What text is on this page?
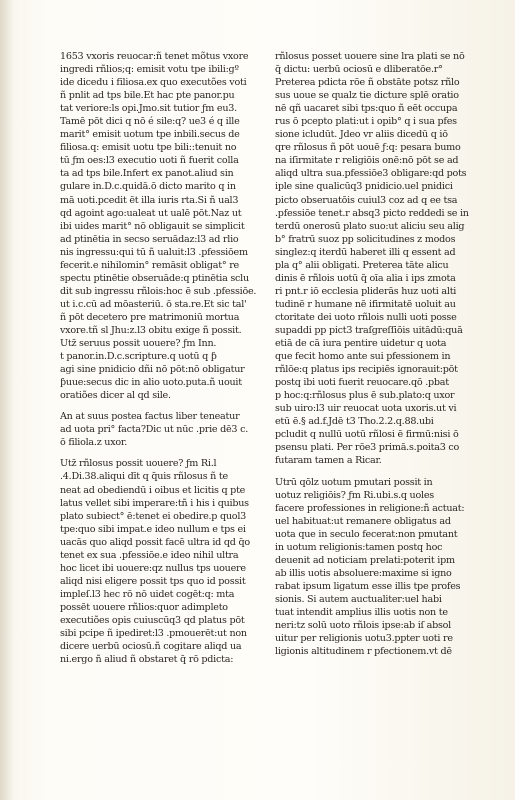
1653 vxoris reuocar:ñ tenet mõtus vxore
ingredi rñlios;q: emisit votu tpe ibili:gº
ide dicedu i filiosa.ex quo executões voti
ñ pnlit ad tps bile.Et hac pte panor.pu
tat veriore:ls opi.Jmo.sit tutior ƒm eu3.
Tamē pōt dici q nō é sile:q? ue3 é q ille
marit° emisit uotum tpe inbili.secus de
filiosa.q: emisit uotu tpe bili::tenuit no
tū ƒm oes:l3 executio uoti ñ fuerit colla
ta ad tps bile.Infert ex panot.aliud sin
gulare in.D.c.quidā.ō dicto marito q in
mā uoti.pcedit ēt illa iuris rta.Si ñ ual3
qd agoint ago:ualeat ut ualē pōt.Naz ut
ibi uides marit° nō obligauit se simplicit
ad ptinētia in secso seruādaz:l3 ad rlio
nis ingressu:qui tū ñ ualuit:l3 .pfessiōem
fecerit.e nihilomin° remāsit obligat° re
spectu ptinētie obseruāde:q ptinētia sclu
dit sub ingressu rñlois:hoc ē sub .pfessiōe.
ut i.c.cū ad mōasteriū. ō sta.re.Et sic tal'
ñ pōt decetero pre matrimoniū mortua
vxore.tñ sl Jhu:z.l3 obitu exige ñ possit.
Utz̄ seruus possit uouere? ƒm Inn.
t panor.in.D.c.scripture.q uotū q ƥ
agi sine pnidicio dñi nō pōt:nō obligatur
ƥuue:secus dic in alio uoto.puta.ñ uouit
oratiões dicer al qd sile.
An at suus postea factus liber teneatur
ad uota pri° facta?Dic ut nūc .prie dē3 c.
ō filiola.z uxor.
Utz̄ rñlosus possit uouere? ƒm Ri.l
.4.Di.38.aliqui dīt q q̄uis rñlosus ñ te
neat ad obediendū i oibus et licitis q pte
latus vellet sibi imperare:tñ i his i quibus
plato subiect° ē:tenet ei obedire.p quol3
tpe:quo sibi impat.e ideo nullum e tps ei
uacās quo aliqd possit facē ultra id qd q̄o
tenet ex sua .pfessiōe.e ideo nihil ultra
hoc licet ibi uouere:qz nullus tps uouere
aliqd nisi eligere possit tps quo id possit
impleſ.l3 hec rō nō uidet cogēt:q: mta
possēt uouere rñlios:quor adimpleto
executiões opis cuiuscūq3 qd platus pōt
sibi pcipe ñ ipediret:l3 .pmouerēt:ut non
dicere uerbū ociosū.ñ cogitare aliqd ua
ni.ergo ñ aliud ñ obstaret q̄ rō pdicta:
rñlosus posset uouere sine lra plati se nō
q̄ dictu: uerbū ociosū e dliberatōe.r°
Preterea pdicta rōe ñ obstāte potsz rñlo
sus uoue se qualz tie dicture splē oratio
nē qñ uacaret sibi tps:quo ñ eēt occupa
rus ō pcepto plati:ut i opib° q i sua pfes
sione icludūt. Jdeo vr aliis dicedū q iō
qre rñlosus ñ pōt uouē ƒ:q: pesara bumo
na iſirmitate r religiōis onē:nō pōt se ad
aliqd ultra sua.pfessiōe3 obligare:qd pots
iple sine qualicūq3 pnidicio.uel pnidici
picto obseruatōis cuiul3 coz ad q ee tsa
.pfessiōe tenet.r absq3 picto reddedi se in
terdū onerosū plato suo:ut aliciu seu alig
b° fratrū suoz pp solicitudines z modos
singlez:q iterdū haberet illi q essent ad
pla q° alii obligati. Preterea tāte alicu
dinis ē rñlois uotū q̄ oīa alia i ips zmota
ri pnt.r iō ecclesia pliderās huz uoti alti
tudinē r humane nē ifirmitatē uoluit au
ctoritate dei uoto rñlois nulli uoti posse
supaddi pp pict3 traſgreſſiōis uitādū:quā
etiā de cā iura pentire uidetur q uota
que fecit homo ante sui pfessionem in
rñlōe:q platus ips recipiēs ignorauit:pōt
postq ibi uoti fuerit reuocare.qō .pbat
p hoc:q:rñlosus plus ē sub.plato:q uxor
sub uiro:l3 uir reuocat uota uxoris.ut vi
etū ē.§ ad.f.Jdē t3 Tho.2.2.q.88.ubi
pcludit q nullū uotū rñlosi ē firmū:nisi ō
psensu plati. Per rōe3 primā.s.poita3 co
futaram tamen a Ricar.
Utrū qōlz uotum pmutari possit in
uotuz religiōis? ƒm Ri.ubi.s.q uoles
facere professiones in religione:ñ actuat:
uel habituat:ut remanere obligatus ad
uota que in seculo fecerat:non pmutant
in uotum religionis:tamen postq hoc
deuenit ad noticiam prelati:poterit ipm
ab illis uotis absoluere:maxime si igno
rabat ipsum ligatum esse illis tpe profes
sionis. Si autem auctualiter:uel habi
tuat intendit amplius illis uotis non te
neri:tz solū uoto rñlois ipse:ab iſ absol
uitur per religionis uotu3.ppter uoti re
ligionis altitudinem r pfectionem.vt dē
